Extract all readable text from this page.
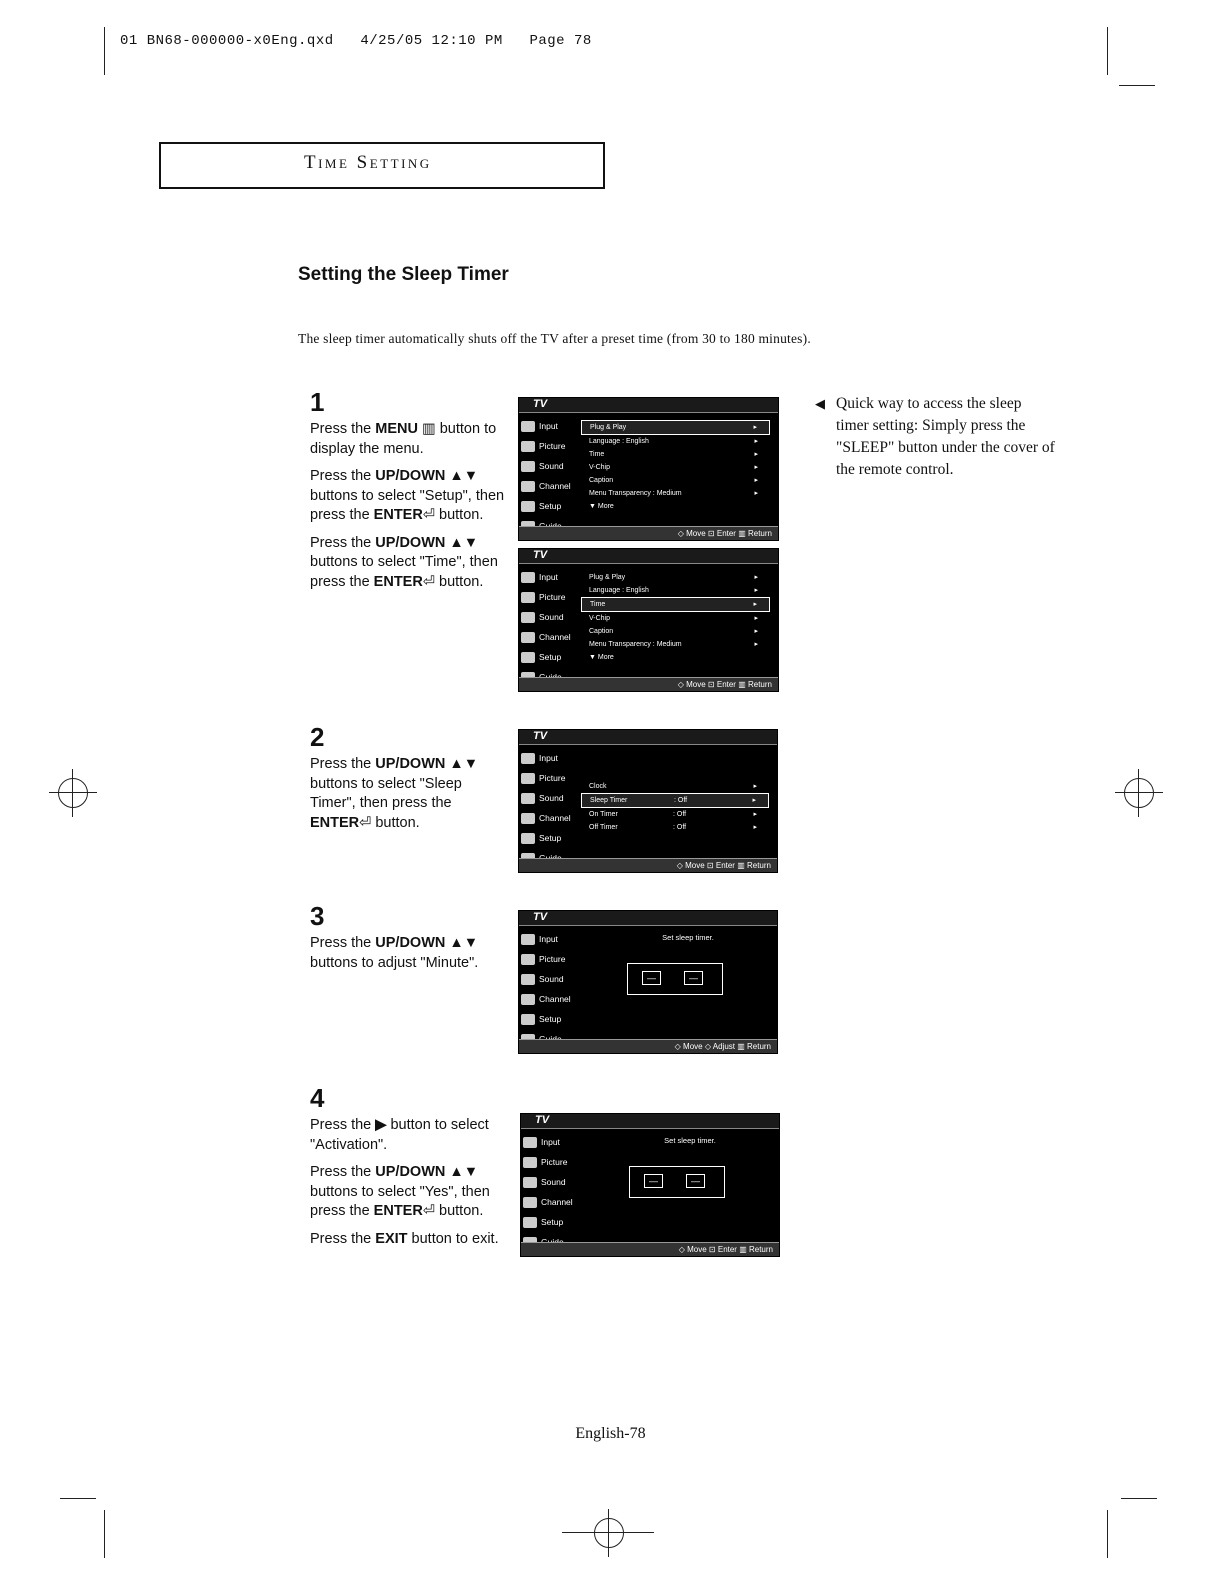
01 BN68-000000-x0Eng.qxd   4/25/05 12:10 PM   Page 78
Time Setting
Setting the Sleep Timer
The sleep timer automatically shuts off the TV after a preset time (from 30 to 180 minutes).
◀ Quick way to access the sleep timer setting: Simply press the "SLEEP" button under the cover of the remote control.
1
Press the MENU ▥ button to display the menu.
Press the UP/DOWN ▲▼ buttons to select "Setup", then press the ENTER⏎ button.
Press the UP/DOWN ▲▼ buttons to select "Time", then press the ENTER⏎ button.
2
Press the UP/DOWN ▲▼ buttons to select "Sleep Timer", then press the ENTER⏎ button.
3
Press the UP/DOWN ▲▼ buttons to adjust "Minute".
4
Press the ▶ button to select "Activation".
Press the UP/DOWN ▲▼ buttons to select "Yes", then press the ENTER⏎ button.
Press the EXIT button to exit.
TV
Input
Picture
Sound
Channel
Setup
Plug & Play	▸
Language : English	▸
Time	▸
V-Chip	▸
Caption	▸
Menu Transparency : Medium	▸
▼ More
◇ Move ⊡ Enter ▥ Return
TV
Input
Picture
Sound
Channel
Setup
Plug & Play	▸
Language : English	▸
Time	▸
V-Chip	▸
Caption	▸
Menu Transparency : Medium	▸
▼ More
◇ Move ⊡ Enter ▥ Return
TV
Input
Picture
Sound
Channel
Setup
Clock	▸
Sleep Timer	: Off	▸
On Timer	: Off	▸
Off Timer	: Off	▸
◇ Move ⊡ Enter ▥ Return
TV
Input
Picture
Sound
Channel
Setup
Set sleep timer.
—	—
◇ Move ◇ Adjust ▥ Return
TV
Input
Picture
Sound
Channel
Setup
Set sleep timer.
—	—
◇ Move ⊡ Enter ▥ Return
English-78
